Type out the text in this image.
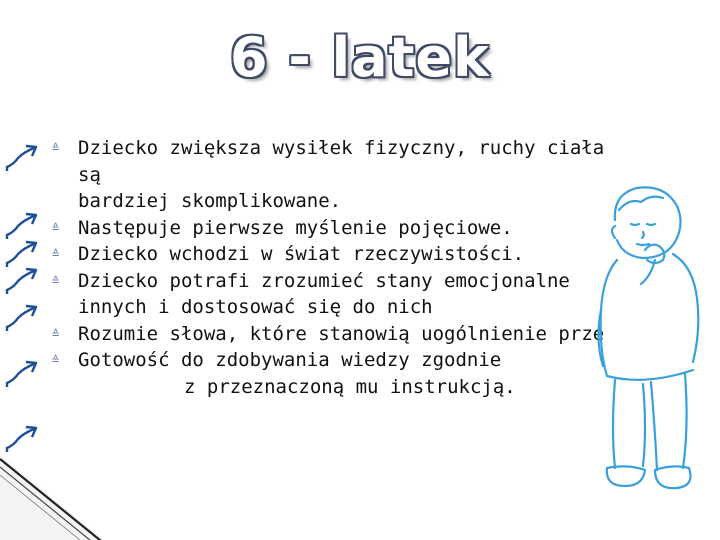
6 - latek
≙ Dziecko zwiększa wysiłek fizyczny, ruchy ciała są
bardziej skomplikowane.
≙ Następuje pierwsze myślenie pojęciowe.
≙ Dziecko wchodzi w świat rzeczywistości.
≙ Dziecko potrafi zrozumieć stany emocjonalne
innych i dostosować się do nich
≙ Rozumie słowa, które stanowią uogólnienie prze
≙ Gotowość do zdobywania wiedzy zgodnie
z przeznaczoną mu instrukcją.
